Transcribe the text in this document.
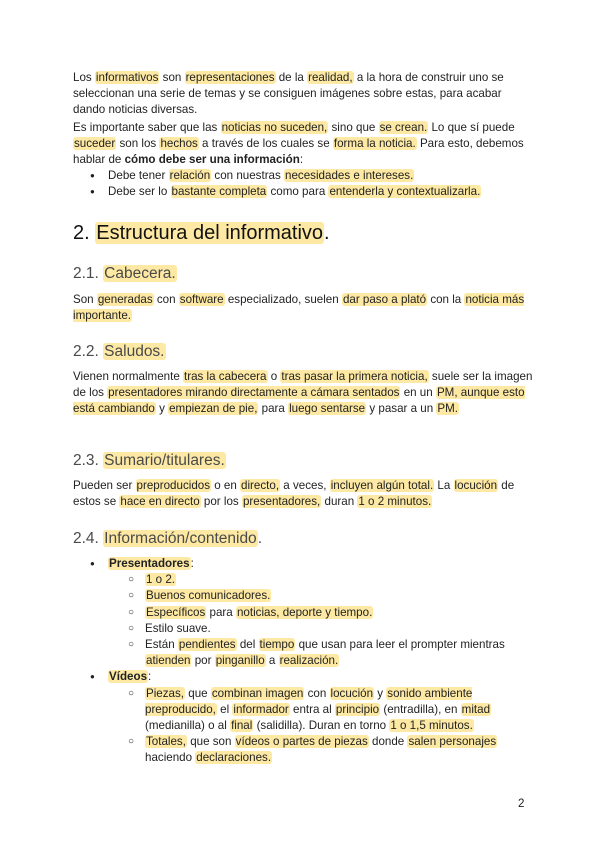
Los informativos son representaciones de la realidad, a la hora de construir uno se seleccionan una serie de temas y se consiguen imágenes sobre estas, para acabar dando noticias diversas.
Es importante saber que las noticias no suceden, sino que se crean. Lo que sí puede suceder son los hechos a través de los cuales se forma la noticia. Para esto, debemos hablar de cómo debe ser una información:
● Debe tener relación con nuestras necesidades e intereses.
● Debe ser lo bastante completa como para entenderla y contextualizarla.
2. Estructura del informativo.
2.1. Cabecera.
Son generadas con software especializado, suelen dar paso a plató con la noticia más importante.
2.2. Saludos.
Vienen normalmente tras la cabecera o tras pasar la primera noticia, suele ser la imagen de los presentadores mirando directamente a cámara sentados en un PM, aunque esto está cambiando y empiezan de pie, para luego sentarse y pasar a un PM.
2.3. Sumario/titulares.
Pueden ser preproducidos o en directo, a veces, incluyen algún total. La locución de estos se hace en directo por los presentadores, duran 1 o 2 minutos.
2.4. Información/contenido.
● Presentadores:
○ 1 o 2.
○ Buenos comunicadores.
○ Específicos para noticias, deporte y tiempo.
○ Estilo suave.
○ Están pendientes del tiempo que usan para leer el prompter mientras atienden por pinganillo a realización.
● Vídeos:
○ Piezas, que combinan imagen con locución y sonido ambiente preproducido, el informador entra al principio (entradilla), en mitad (medianilla) o al final (salidilla). Duran en torno 1 o 1,5 minutos.
○ Totales, que son vídeos o partes de piezas donde salen personajes haciendo declaraciones.
2
